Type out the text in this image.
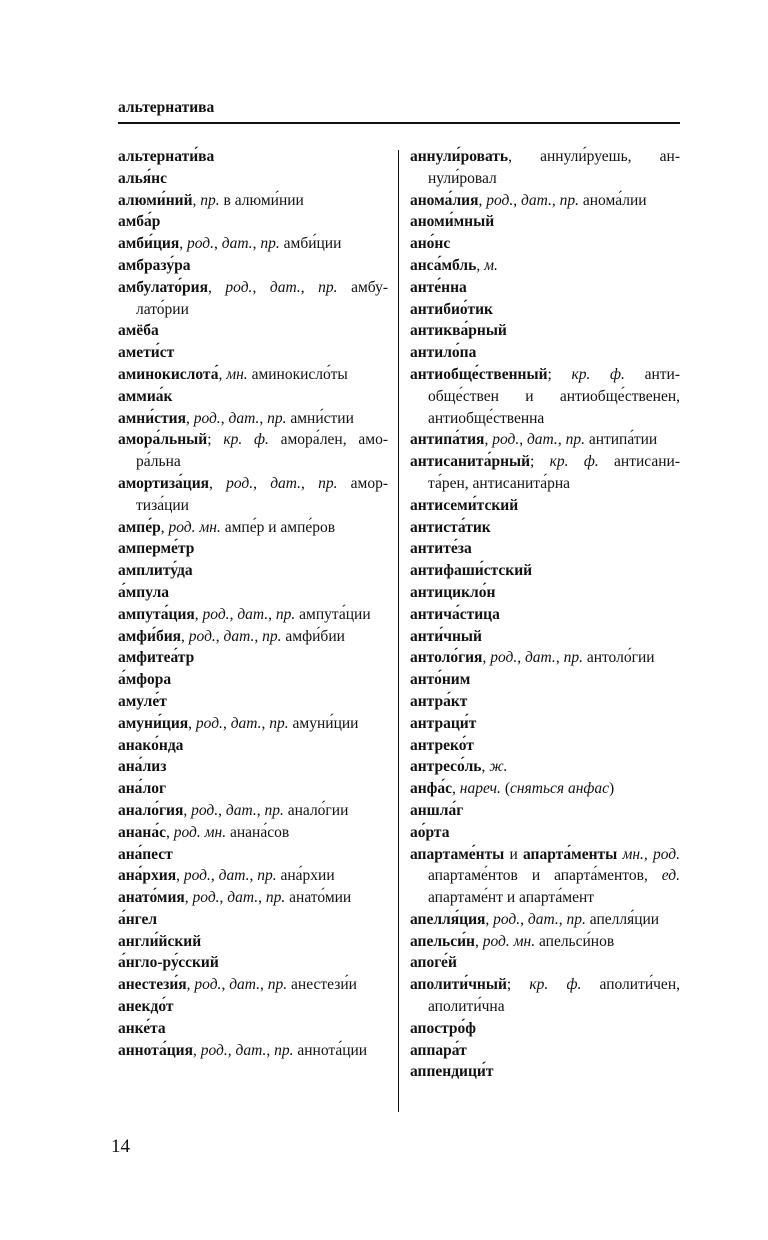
альтернатива

альтернати́ва

алья́нс

алюми́ний, пр. в алюми́нии

амба́р

амби́ция, род., дат., пр. амби́ции

амбразу́ра

амбулато́рия, род., дат., пр. амбулато́рии

амёба

амети́ст

аминокислота́, мн. аминокисло́ты

аммиа́к

амни́стия, род., дат., пр. амни́стии

амора́льный; кр. ф. амора́лен, амора́льна

амортиза́ция, род., дат., пр. амортиза́ции

ампе́р, род. мн. ампе́р и ампе́ров

амперме́тр

амплиту́да

а́мпула

ампута́ция, род., дат., пр. ампута́ции

амфи́бия, род., дат., пр. амфи́бии

амфитеа́тр

а́мфора

амуле́т

амуни́ция, род., дат., пр. амуни́ции

анако́нда

ана́лиз

ана́лог

анало́гия, род., дат., пр. анало́гии

анана́с, род. мн. анана́сов

ана́пест

ана́рхия, род., дат., пр. ана́рхии

анато́мия, род., дат., пр. анато́мии

а́нгел

англи́йский

а́нгло-ру́сский

анестези́я, род., дат., пр. анестези́и

анекдо́т

анке́та

аннота́ция, род., дат., пр. аннота́ции

аннули́ровать, аннули́руешь, аннули́ровал

анома́лия, род., дат., пр. анома́лии

аноми́мный

ано́нс

анса́мбль, м.

анте́нна

антибио́тик

антиква́рный

антило́па

антиобще́ственный; кр. ф. антиобще́ствен и антиобще́ственен, антиобще́ственна

антипа́тия, род., дат., пр. антипа́тии

антисанита́рный; кр. ф. антисанита́рен, антисанита́рна

антисеми́тский

антиста́тик

антите́за

антифаши́стский

антицикло́н

антича́стица

анти́чный

антоло́гия, род., дат., пр. антоло́гии

анто́ним

антра́кт

антраци́т

антреко́т

антресо́ль, ж.

анфа́с, нареч. (сняться анфас)

аншла́г

ао́рта

апартаме́нты и апарта́менты мн., род. апартаме́нтов и апарта́ментов, ед. апартаме́нт и апарта́мент

апелля́ция, род., дат., пр. апелля́ции

апельси́н, род. мн. апельси́нов

апоге́й

аполити́чный; кр. ф. аполити́чен, аполити́чна

апостро́ф

аппара́т

аппендици́т

14
